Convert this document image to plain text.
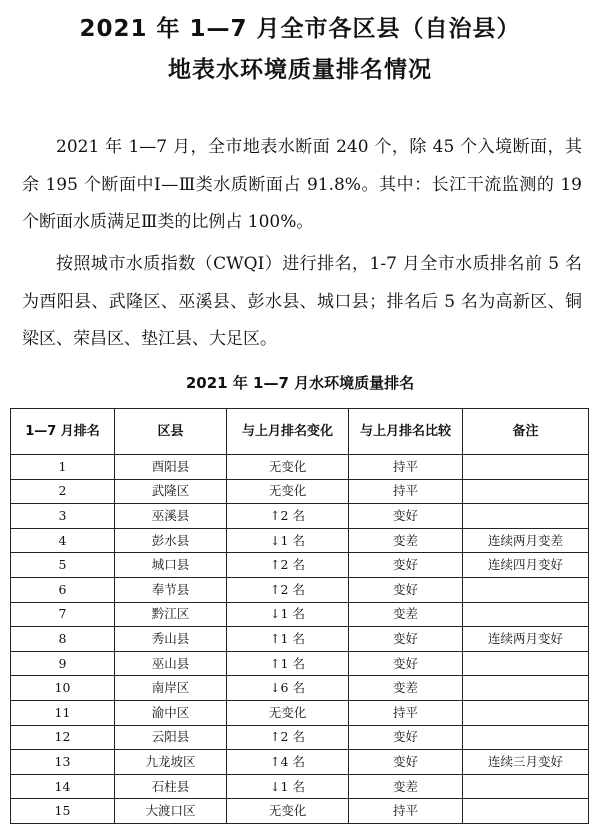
2021 年 1—7 月全市各区县（自治县）
地表水环境质量排名情况

2021 年 1—7 月，全市地表水断面 240 个，除 45 个入境断面，其余 195 个断面中Ⅰ—Ⅲ类水质断面占 91.8%。其中：长江干流监测的 19 个断面水质满足Ⅲ类的比例占 100%。

按照城市水质指数（CWQI）进行排名，1-7 月全市水质排名前 5 名为酉阳县、武隆区、巫溪县、彭水县、城口县；排名后 5 名为高新区、铜梁区、荣昌区、垫江县、大足区。

2021 年 1—7 月水环境质量排名
1—7 月排名	区县	与上月排名变化	与上月排名比较	备注
1	酉阳县	无变化	持平	
2	武隆区	无变化	持平	
3	巫溪县	↑2 名	变好	
4	彭水县	↓1 名	变差	连续两月变差
5	城口县	↑2 名	变好	连续四月变好
6	奉节县	↑2 名	变好	
7	黔江区	↓1 名	变差	
8	秀山县	↑1 名	变好	连续两月变好
9	巫山县	↑1 名	变好	
10	南岸区	↓6 名	变差	
11	渝中区	无变化	持平	
12	云阳县	↑2 名	变好	
13	九龙坡区	↑4 名	变好	连续三月变好
14	石柱县	↓1 名	变差	
15	大渡口区	无变化	持平	
